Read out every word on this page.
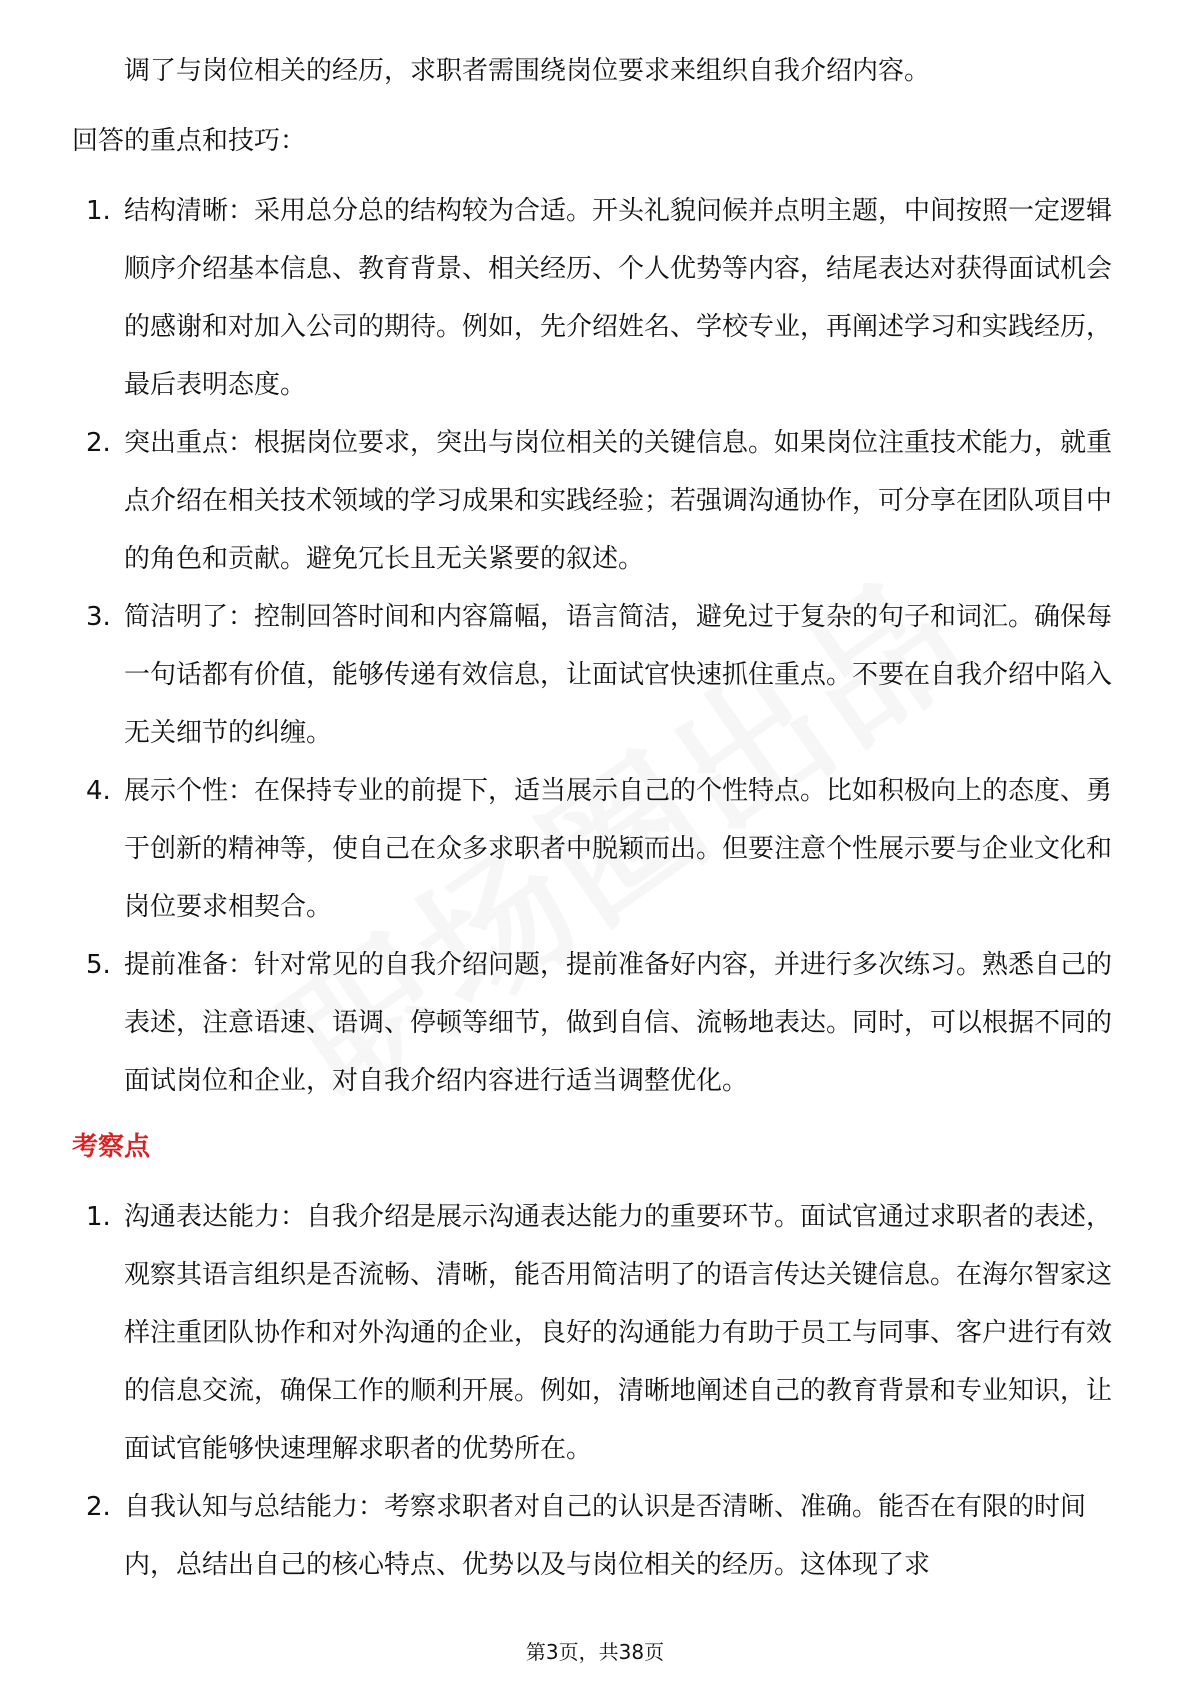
调了与岗位相关的经历，求职者需围绕岗位要求来组织自我介绍内容。

回答的重点和技巧：
1. 结构清晰：采用总分总的结构较为合适。开头礼貌问候并点明主题，中间按照一定逻辑顺序介绍基本信息、教育背景、相关经历、个人优势等内容，结尾表达对获得面试机会的感谢和对加入公司的期待。例如，先介绍姓名、学校专业，再阐述学习和实践经历，最后表明态度。
2. 突出重点：根据岗位要求，突出与岗位相关的关键信息。如果岗位注重技术能力，就重点介绍在相关技术领域的学习成果和实践经验；若强调沟通协作，可分享在团队项目中的角色和贡献。避免冗长且无关紧要的叙述。
3. 简洁明了：控制回答时间和内容篇幅，语言简洁，避免过于复杂的句子和词汇。确保每一句话都有价值，能够传递有效信息，让面试官快速抓住重点。不要在自我介绍中陷入无关细节的纠缠。
4. 展示个性：在保持专业的前提下，适当展示自己的个性特点。比如积极向上的态度、勇于创新的精神等，使自己在众多求职者中脱颖而出。但要注意个性展示要与企业文化和岗位要求相契合。
5. 提前准备：针对常见的自我介绍问题，提前准备好内容，并进行多次练习。熟悉自己的表述，注意语速、语调、停顿等细节，做到自信、流畅地表达。同时，可以根据不同的面试岗位和企业，对自我介绍内容进行适当调整优化。
考察点
1. 沟通表达能力：自我介绍是展示沟通表达能力的重要环节。面试官通过求职者的表述，观察其语言组织是否流畅、清晰，能否用简洁明了的语言传达关键信息。在海尔智家这样注重团队协作和对外沟通的企业，良好的沟通能力有助于员工与同事、客户进行有效的信息交流，确保工作的顺利开展。例如，清晰地阐述自己的教育背景和专业知识，让面试官能够快速理解求职者的优势所在。
2. 自我认知与总结能力：考察求职者对自己的认识是否清晰、准确。能否在有限的时间内，总结出自己的核心特点、优势以及与岗位相关的经历。这体现了求
第3页，共38页
